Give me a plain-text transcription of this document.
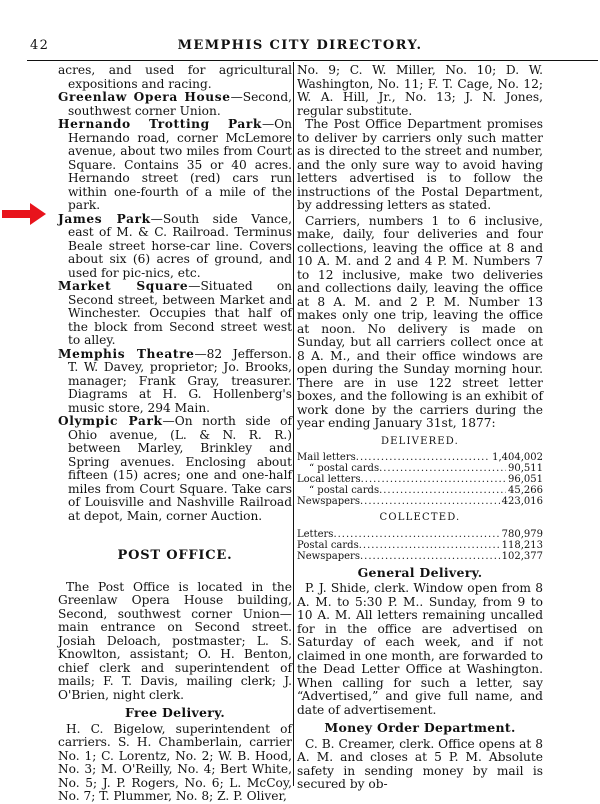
42	MEMPHIS CITY DIRECTORY.

acres, and used for agricultural expositions and racing.

Greenlaw Opera House—Second, southwest corner Union.

Hernando Trotting Park—On Hernando road, corner McLemore avenue, about two miles from Court Square. Contains 35 or 40 acres. Hernando street (red) cars run within one-fourth of a mile of the park.

James Park—South side Vance, east of M. & C. Railroad. Terminus Beale street horse-car line. Covers about six (6) acres of ground, and used for pic-nics, etc.

Market Square—Situated on Second street, between Market and Winchester. Occupies that half of the block from Second street west to alley.

Memphis Theatre—82 Jefferson. T. W. Davey, proprietor; Jo. Brooks, manager; Frank Gray, treasurer. Diagrams at H. G. Hollenberg's music store, 294 Main.

Olympic Park—On north side of Ohio avenue, (L. & N. R. R.) between Marley, Brinkley and Spring avenues. Enclosing about fifteen (15) acres; one and one-half miles from Court Square. Take cars of Louisville and Nashville Railroad at depot, Main, corner Auction.

POST OFFICE.

The Post Office is located in the Greenlaw Opera House building, Second, southwest corner Union—main entrance on Second street. Josiah Deloach, postmaster; L. S. Knowlton, assistant; O. H. Benton, chief clerk and superintendent of mails; F. T. Davis, mailing clerk; J. O'Brien, night clerk.

Free Delivery.

H. C. Bigelow, superintendent of carriers. S. H. Chamberlain, carrier No. 1; C. Lorentz, No. 2; W. B. Hood, No. 3; M. O'Reilly, No. 4; Bert White, No. 5; J. P. Rogers, No. 6; L. McCoy, No. 7; T. Plummer, No. 8; Z. P. Oliver,

No. 9; C. W. Miller, No. 10; D. W. Washington, No. 11; F. T. Cage, No. 12; W. A. Hill, Jr., No. 13; J. N. Jones, regular substitute.

The Post Office Department promises to deliver by carriers only such matter as is directed to the street and number, and the only sure way to avoid having letters advertised is to follow the instructions of the Postal Department, by addressing letters as stated.

Carriers, numbers 1 to 6 inclusive, make, daily, four deliveries and four collections, leaving the office at 8 and 10 A. M. and 2 and 4 P. M. Numbers 7 to 12 inclusive, make two deliveries and collections daily, leaving the office at 8 A. M. and 2 P. M. Number 13 makes only one trip, leaving the office at noon. No delivery is made on Sunday, but all carriers collect once at 8 A. M., and their office windows are open during the Sunday morning hour. There are in use 122 street letter boxes, and the following is an exhibit of work done by the carriers during the year ending January 31st, 1877:

DELIVERED.
Mail letters .....	1,404,002
“ postal cards .....	90,511
Local letters .....	96,051
“ postal cards .....	45,266
Newspapers .....	423,016
COLLECTED.
Letters .....	780,979
Postal cards .....	118,213
Newspapers .....	102,377
General Delivery.

P. J. Shide, clerk. Window open from 8 A. M. to 5:30 P. M.. Sunday, from 9 to 10 A. M. All letters remaining uncalled for in the office are advertised on Saturday of each week, and if not claimed in one month, are forwarded to the Dead Letter Office at Washington. When calling for such a letter, say “Advertised,” and give full name, and date of advertisement.

Money Order Department.

C. B. Creamer, clerk. Office opens at 8 A. M. and closes at 5 P. M. Absolute safety in sending money by mail is secured by ob-
